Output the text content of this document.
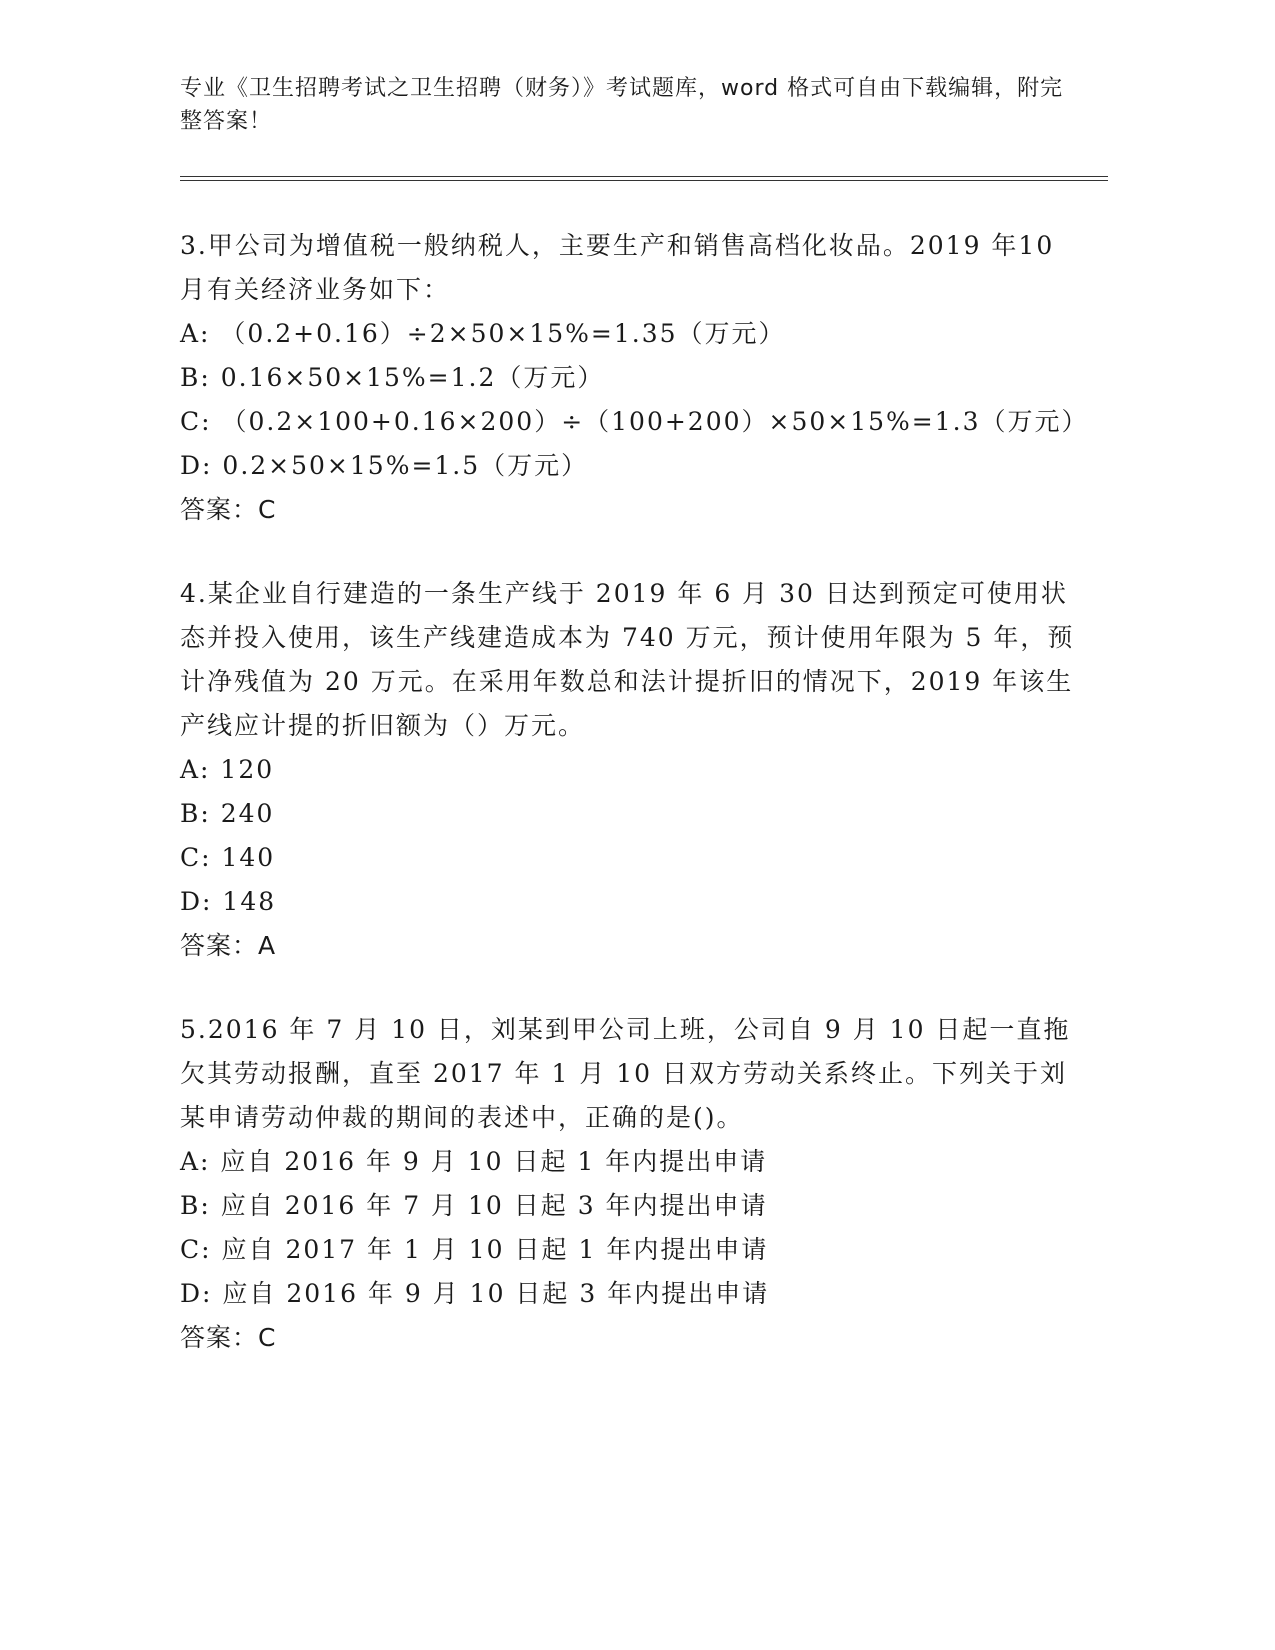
专业《卫生招聘考试之卫生招聘（财务）》考试题库，word 格式可自由下载编辑，附完整答案！
3.甲公司为增值税一般纳税人，主要生产和销售高档化妆品。2019 年10 月有关经济业务如下：
A: （0.2+0.16）÷2×50×15%=1.35（万元）
B: 0.16×50×15%=1.2（万元）
C: （0.2×100+0.16×200）÷（100+200）×50×15%=1.3（万元）
D: 0.2×50×15%=1.5（万元）
答案：C
4.某企业自行建造的一条生产线于 2019 年 6 月 30 日达到预定可使用状态并投入使用，该生产线建造成本为 740 万元，预计使用年限为 5 年，预计净残值为 20 万元。在采用年数总和法计提折旧的情况下，2019 年该生产线应计提的折旧额为（）万元。
A: 120
B: 240
C: 140
D: 148
答案：A
5.2016 年 7 月 10 日，刘某到甲公司上班，公司自 9 月 10 日起一直拖欠其劳动报酬，直至 2017 年 1 月 10 日双方劳动关系终止。下列关于刘某申请劳动仲裁的期间的表述中，正确的是()。
A: 应自 2016 年 9 月 10 日起 1 年内提出申请
B: 应自 2016 年 7 月 10 日起 3 年内提出申请
C: 应自 2017 年 1 月 10 日起 1 年内提出申请
D: 应自 2016 年 9 月 10 日起 3 年内提出申请
答案：C
